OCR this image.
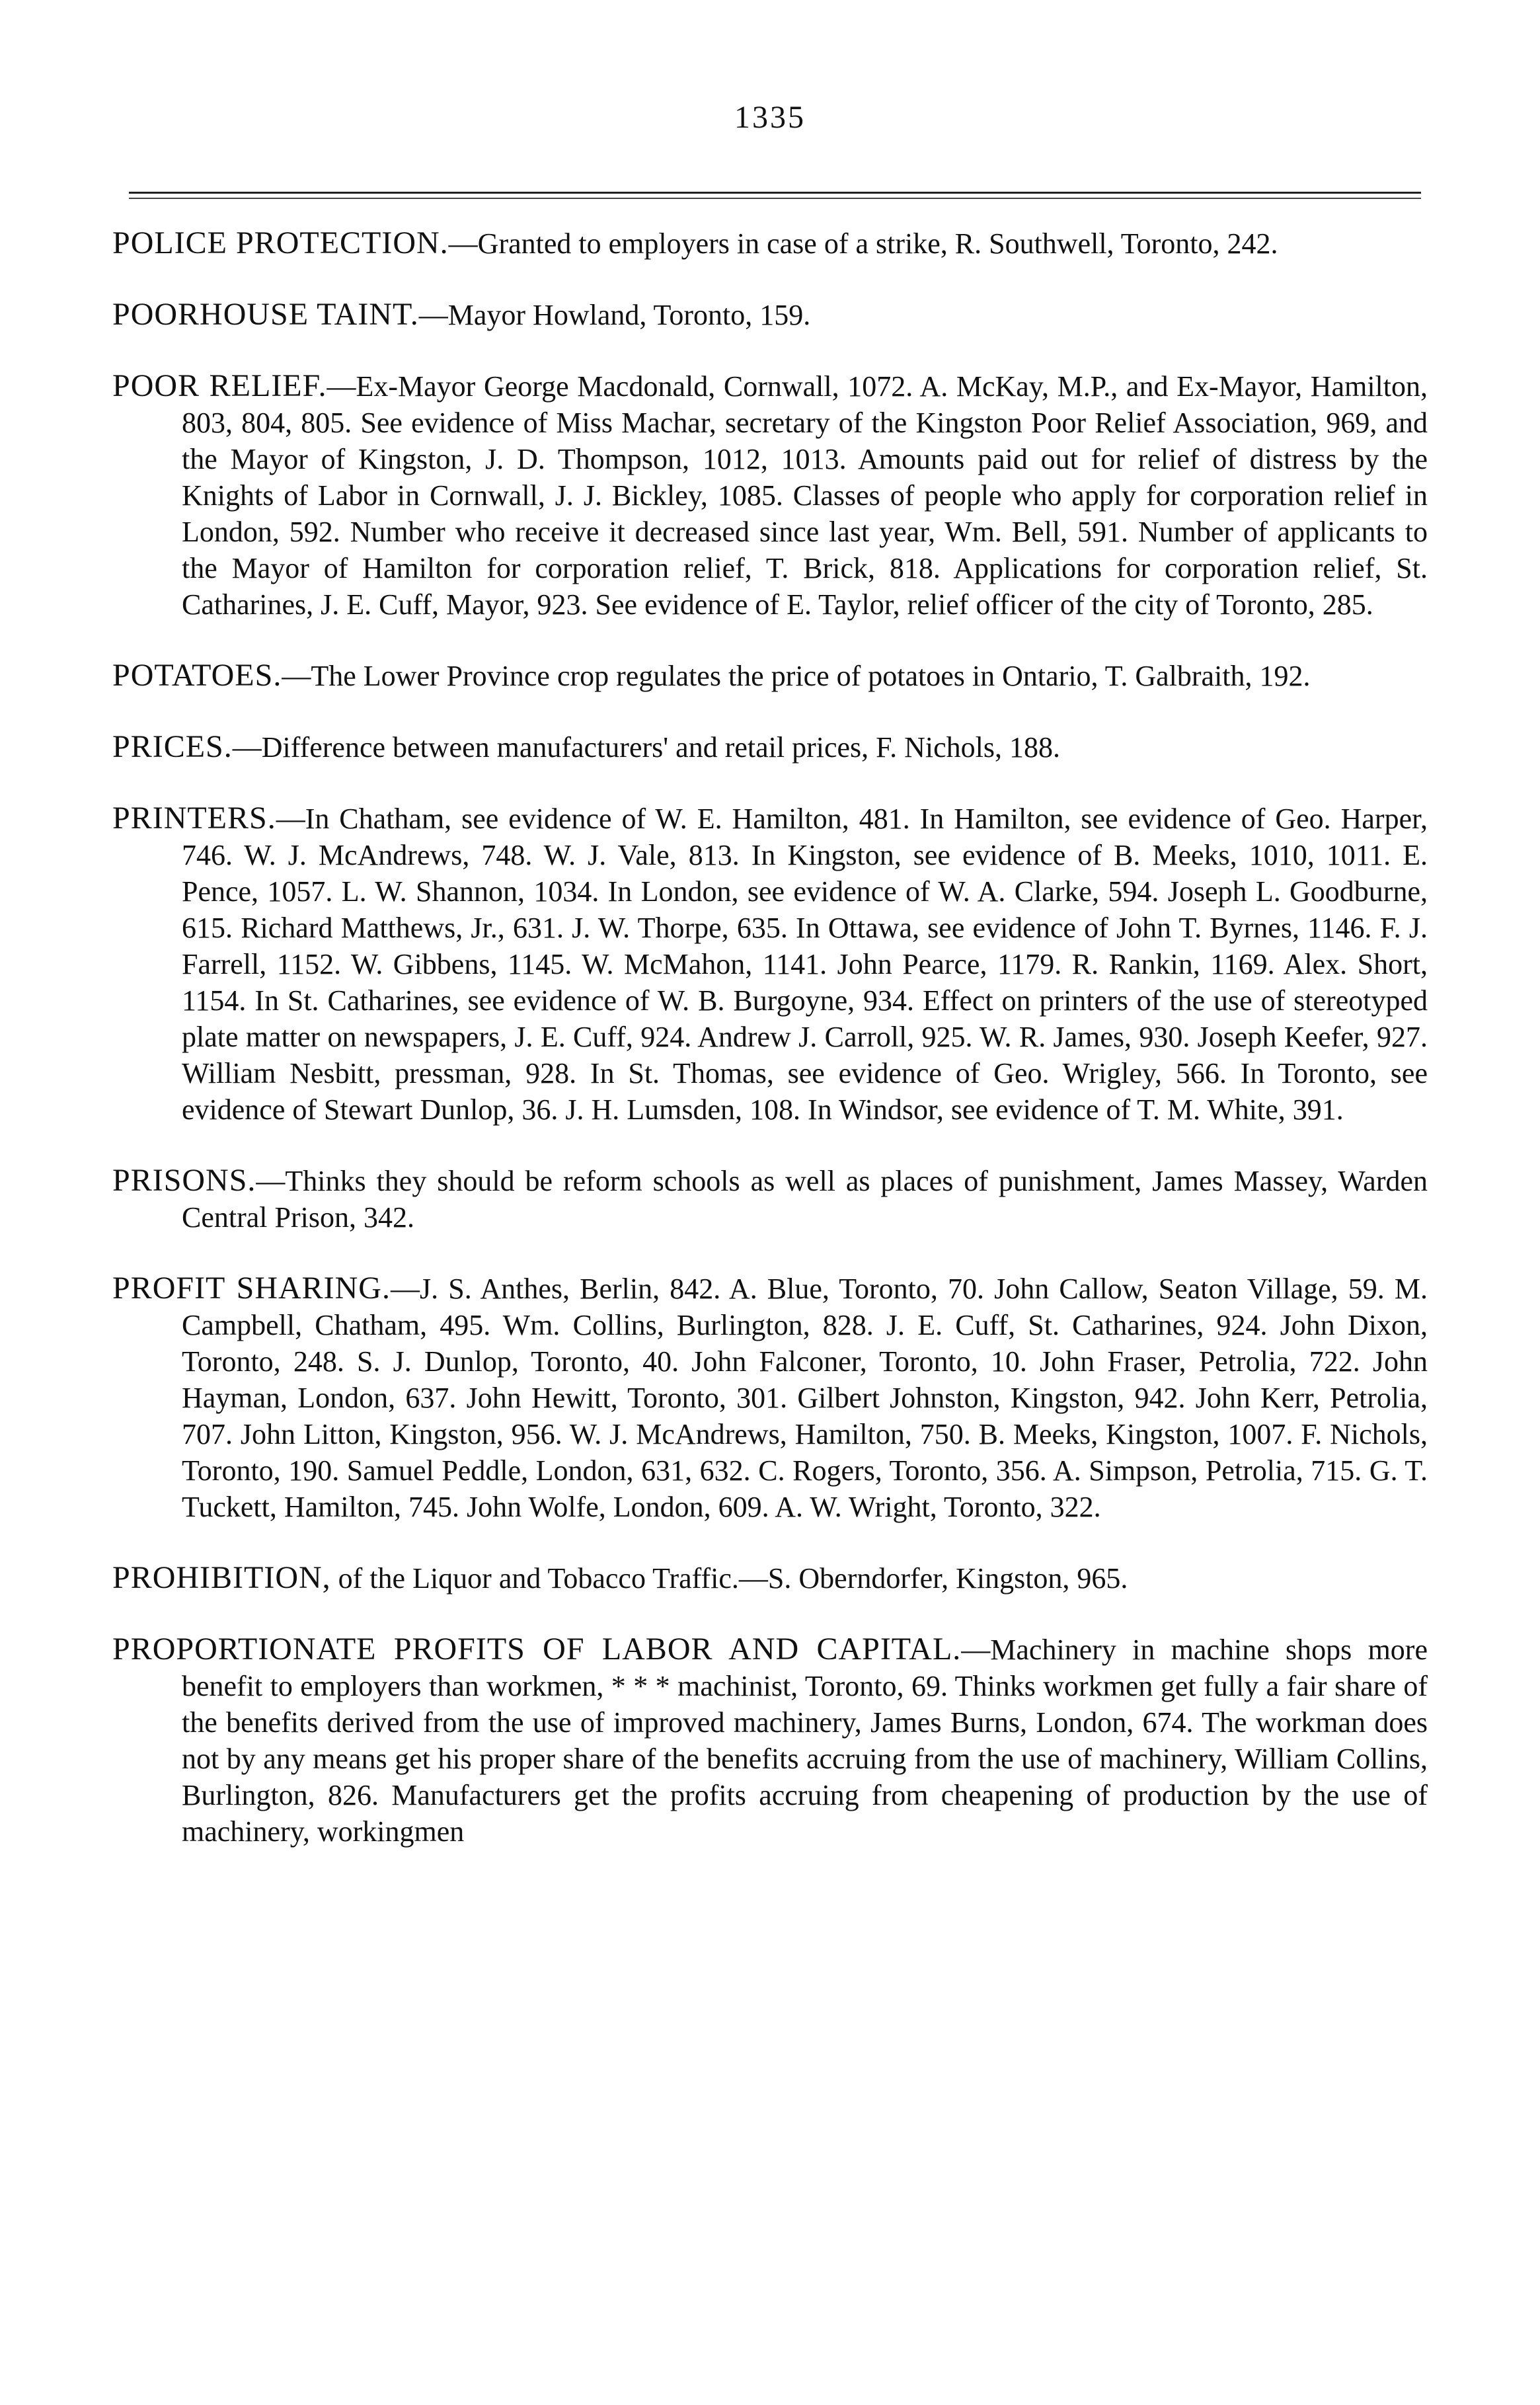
1335

POLICE PROTECTION.—Granted to employers in case of a strike, R. Southwell, Toronto, 242.

POORHOUSE TAINT.—Mayor Howland, Toronto, 159.

POOR RELIEF.—Ex-Mayor George Macdonald, Cornwall, 1072. A. McKay, M.P., and Ex-Mayor, Hamilton, 803, 804, 805. See evidence of Miss Machar, secretary of the Kingston Poor Relief Association, 969, and the Mayor of Kingston, J. D. Thompson, 1012, 1013. Amounts paid out for relief of distress by the Knights of Labor in Cornwall, J. J. Bickley, 1085. Classes of people who apply for corporation relief in London, 592. Number who receive it decreased since last year, Wm. Bell, 591. Number of applicants to the Mayor of Hamilton for corporation relief, T. Brick, 818. Applications for corporation relief, St. Catharines, J. E. Cuff, Mayor, 923. See evidence of E. Taylor, relief officer of the city of Toronto, 285.

POTATOES.—The Lower Province crop regulates the price of potatoes in Ontario, T. Galbraith, 192.

PRICES.—Difference between manufacturers' and retail prices, F. Nichols, 188.

PRINTERS.—In Chatham, see evidence of W. E. Hamilton, 481. In Hamilton, see evidence of Geo. Harper, 746. W. J. McAndrews, 748. W. J. Vale, 813. In Kingston, see evidence of B. Meeks, 1010, 1011. E. Pence, 1057. L. W. Shannon, 1034. In London, see evidence of W. A. Clarke, 594. Joseph L. Goodburne, 615. Richard Matthews, Jr., 631. J. W. Thorpe, 635. In Ottawa, see evidence of John T. Byrnes, 1146. F. J. Farrell, 1152. W. Gibbens, 1145. W. McMahon, 1141. John Pearce, 1179. R. Rankin, 1169. Alex. Short, 1154. In St. Catharines, see evidence of W. B. Burgoyne, 934. Effect on printers of the use of stereotyped plate matter on newspapers, J. E. Cuff, 924. Andrew J. Carroll, 925. W. R. James, 930. Joseph Keefer, 927. William Nesbitt, pressman, 928. In St. Thomas, see evidence of Geo. Wrigley, 566. In Toronto, see evidence of Stewart Dunlop, 36. J. H. Lumsden, 108. In Windsor, see evidence of T. M. White, 391.

PRISONS.—Thinks they should be reform schools as well as places of punishment, James Massey, Warden Central Prison, 342.

PROFIT SHARING.—J. S. Anthes, Berlin, 842. A. Blue, Toronto, 70. John Callow, Seaton Village, 59. M. Campbell, Chatham, 495. Wm. Collins, Burlington, 828. J. E. Cuff, St. Catharines, 924. John Dixon, Toronto, 248. S. J. Dunlop, Toronto, 40. John Falconer, Toronto, 10. John Fraser, Petrolia, 722. John Hayman, London, 637. John Hewitt, Toronto, 301. Gilbert Johnston, Kingston, 942. John Kerr, Petrolia, 707. John Litton, Kingston, 956. W. J. McAndrews, Hamilton, 750. B. Meeks, Kingston, 1007. F. Nichols, Toronto, 190. Samuel Peddle, London, 631, 632. C. Rogers, Toronto, 356. A. Simpson, Petrolia, 715. G. T. Tuckett, Hamilton, 745. John Wolfe, London, 609. A. W. Wright, Toronto, 322.

PROHIBITION, of the Liquor and Tobacco Traffic.—S. Oberndorfer, Kingston, 965.

PROPORTIONATE PROFITS OF LABOR AND CAPITAL.—Machinery in machine shops more benefit to employers than workmen, * * * machinist, Toronto, 69. Thinks workmen get fully a fair share of the benefits derived from the use of improved machinery, James Burns, London, 674. The workman does not by any means get his proper share of the benefits accruing from the use of machinery, William Collins, Burlington, 826. Manufacturers get the profits accruing from cheapening of production by the use of machinery, workingmen
